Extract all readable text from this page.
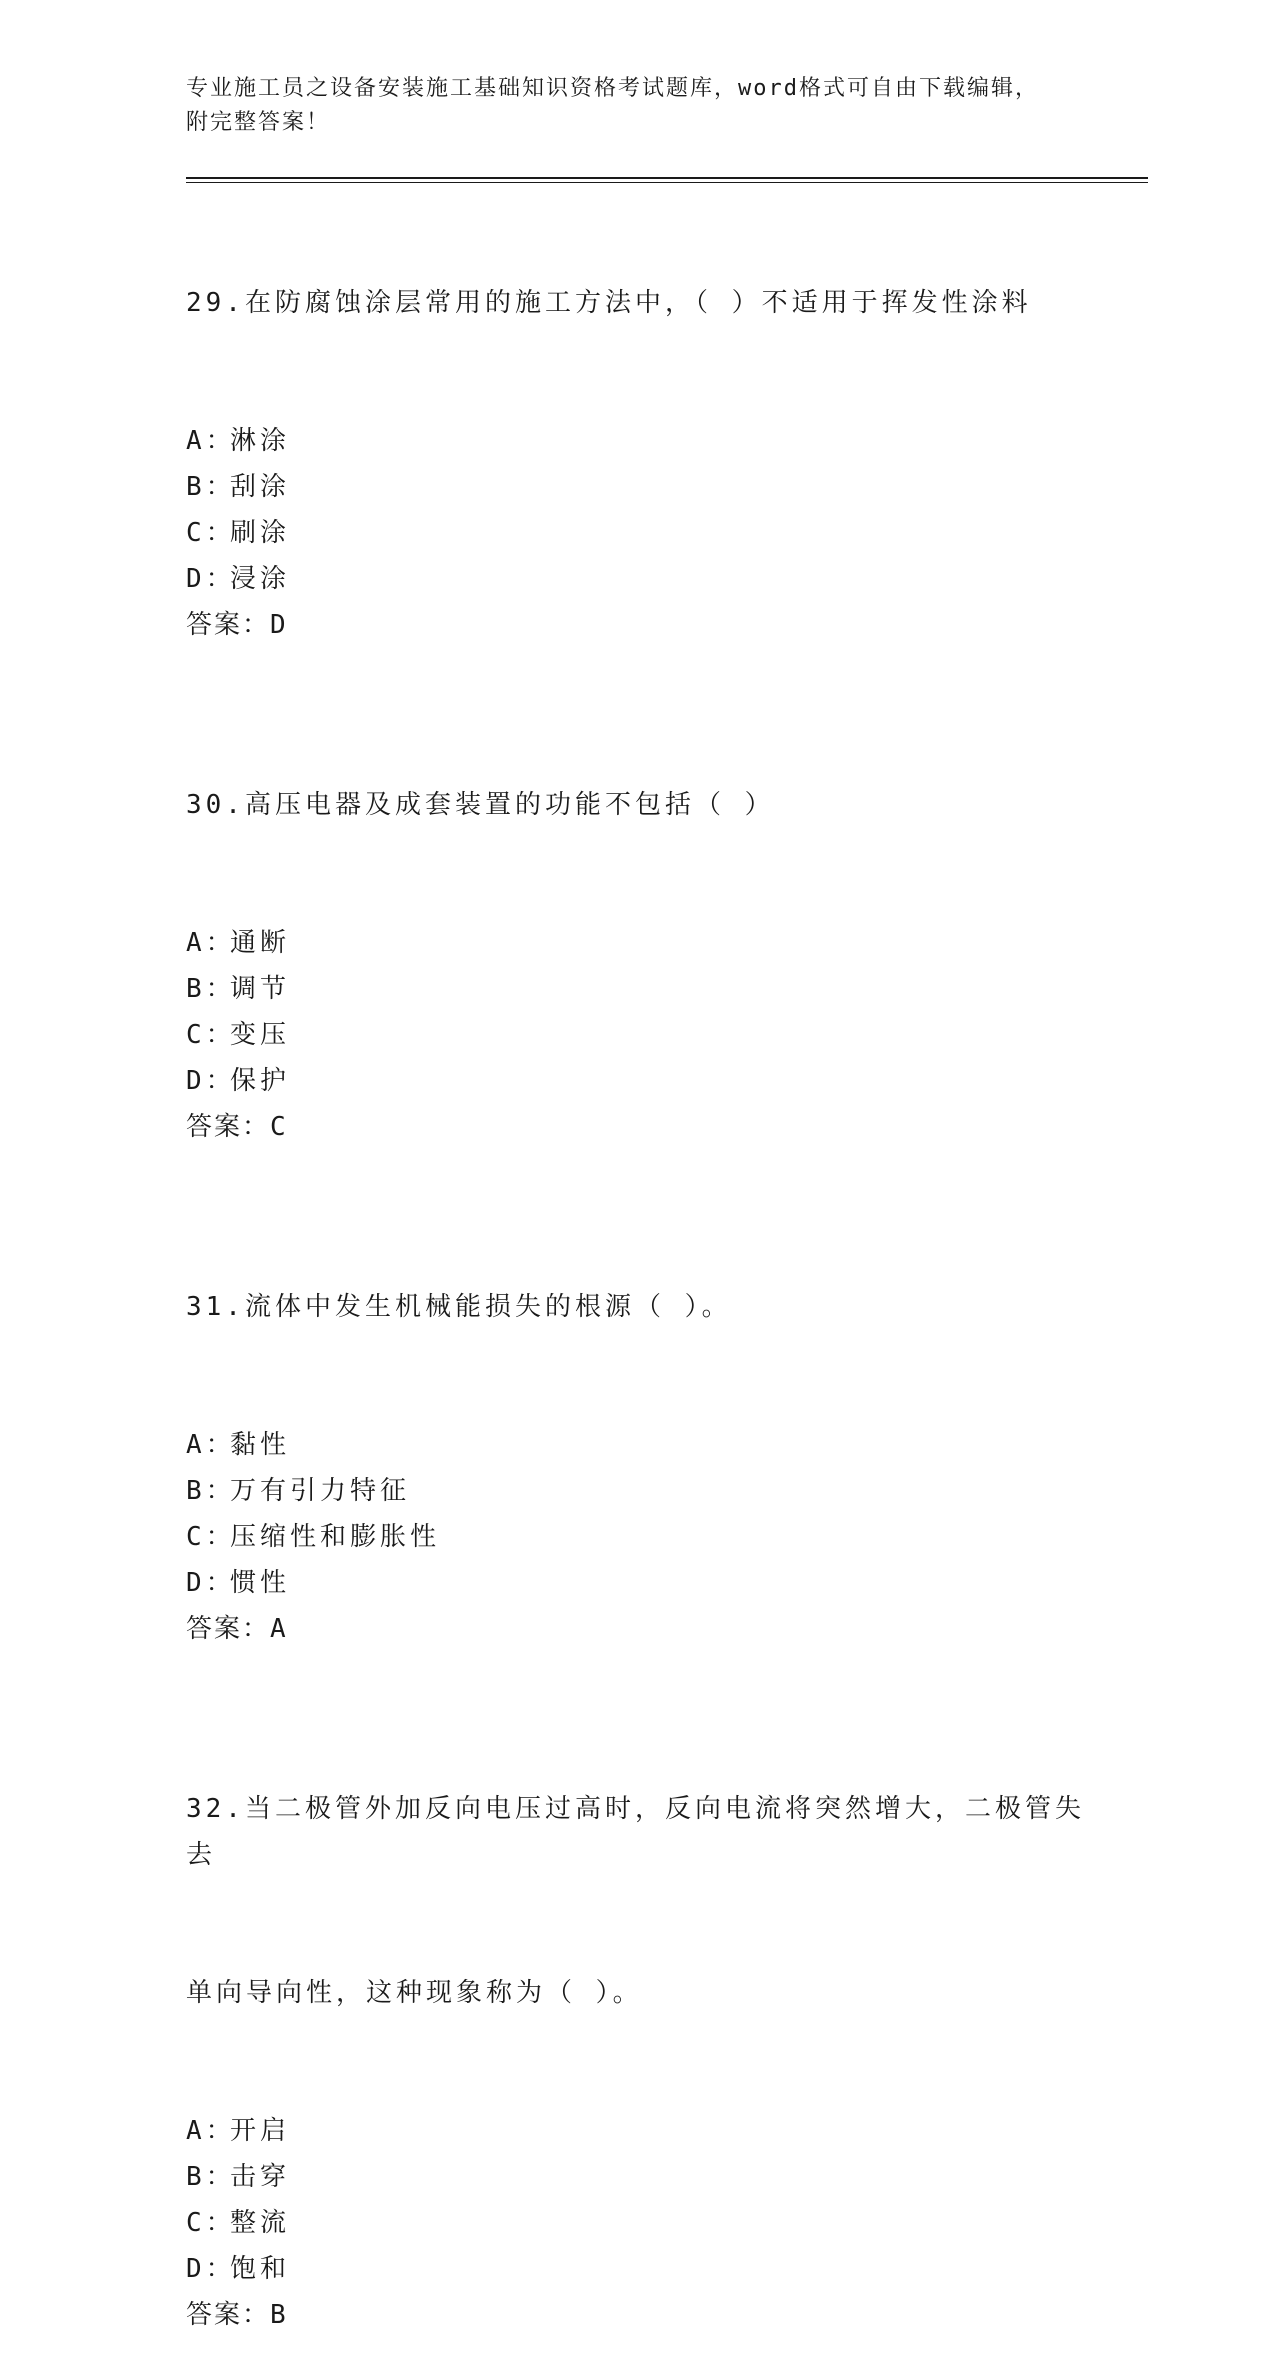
专业施工员之设备安装施工基础知识资格考试题库，word格式可自由下载编辑，
附完整答案！

29.在防腐蚀涂层常用的施工方法中，（ ）不适用于挥发性涂料

A：淋涂
B：刮涂
C：刷涂
D：浸涂
答案：D

30.高压电器及成套装置的功能不包括（ ）

A：通断
B：调节
C：变压
D：保护
答案：C

31.流体中发生机械能损失的根源（ ）。

A：黏性
B：万有引力特征
C：压缩性和膨胀性
D：惯性
答案：A

32.当二极管外加反向电压过高时，反向电流将突然增大，二极管失去

单向导向性，这种现象称为（ ）。

A：开启
B：击穿
C：整流
D：饱和
答案：B
